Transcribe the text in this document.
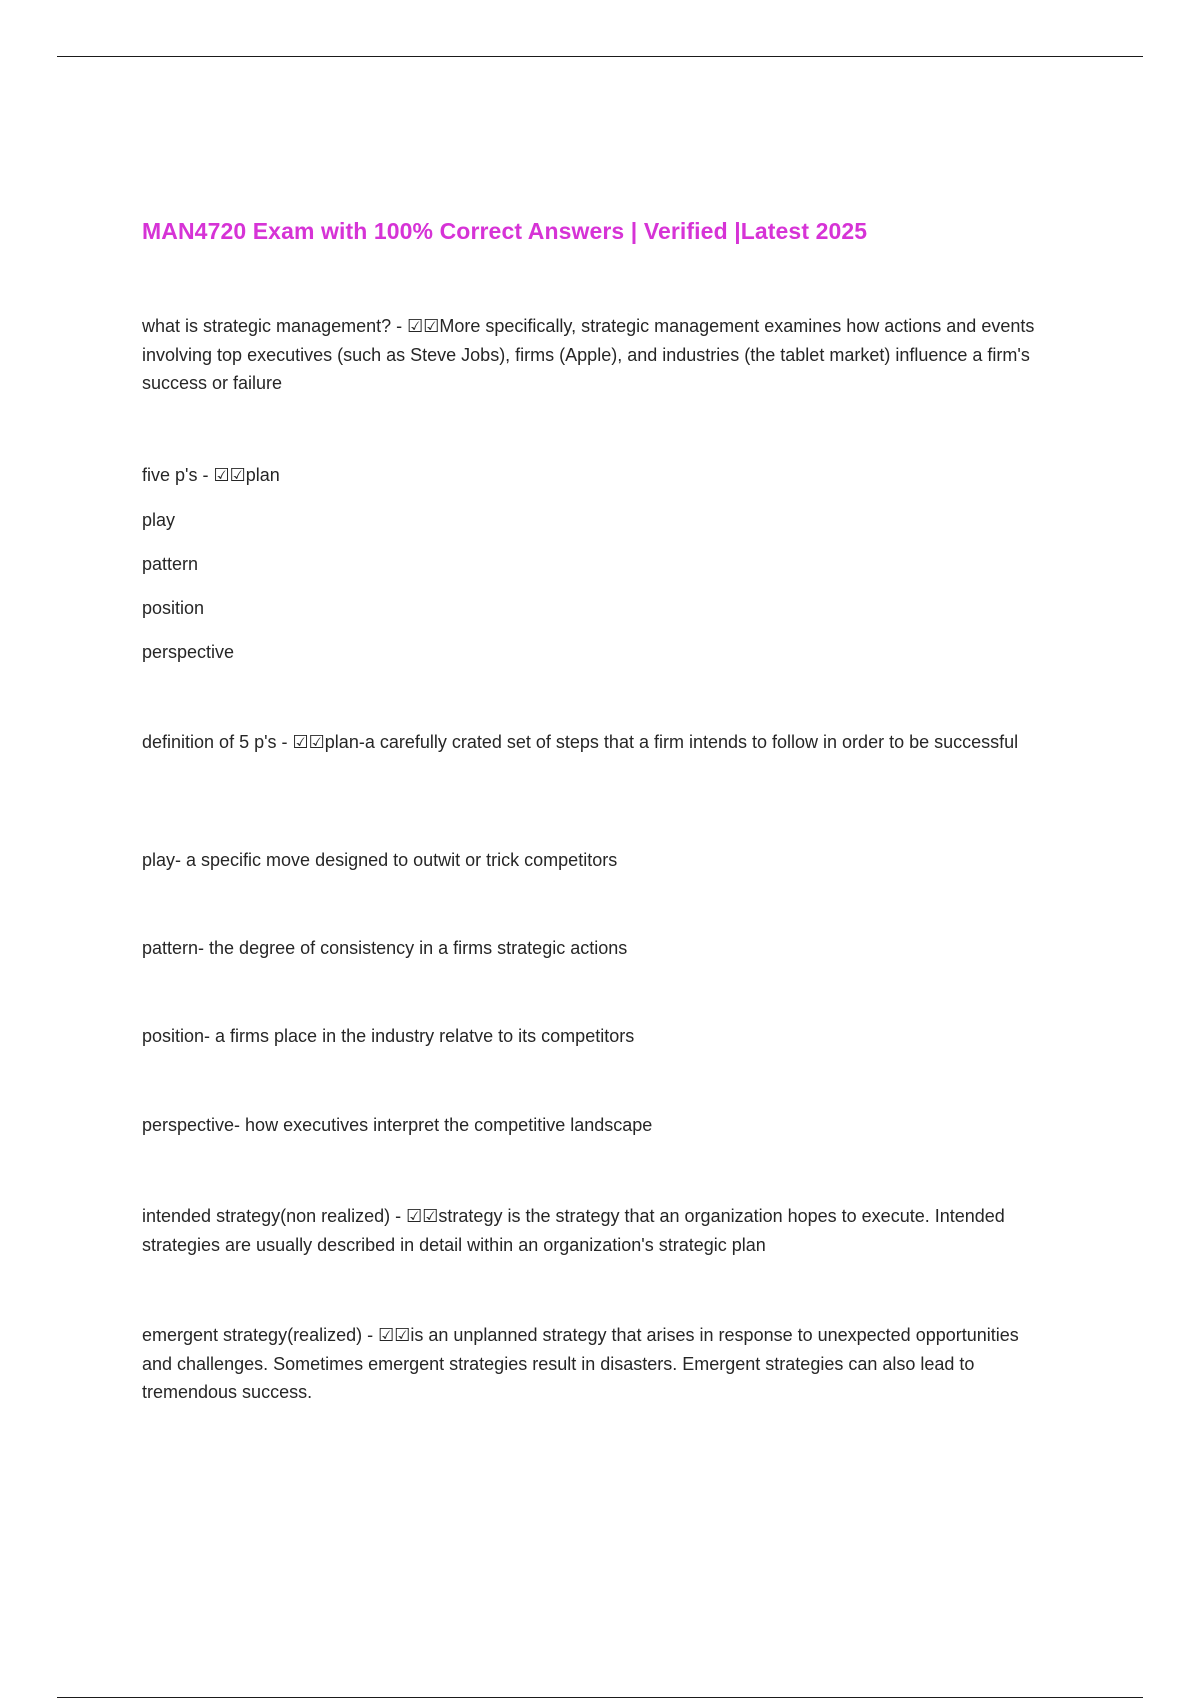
MAN4720 Exam with 100% Correct Answers | Verified |Latest 2025

what is strategic management? - ☑☑More specifically, strategic management examines how actions and events involving top executives (such as Steve Jobs), firms (Apple), and industries (the tablet market) influence a firm's success or failure

five p's - ☑☑plan

play

pattern

position

perspective

definition of 5 p's - ☑☑plan-a carefully crated set of steps that a firm intends to follow in order to be successful

play- a specific move designed to outwit or trick competitors

pattern- the degree of consistency in a firms strategic actions

position- a firms place in the industry relatve to its competitors

perspective- how executives interpret the competitive landscape

intended strategy(non realized) - ☑☑strategy is the strategy that an organization hopes to execute. Intended strategies are usually described in detail within an organization's strategic plan

emergent strategy(realized) - ☑☑is an unplanned strategy that arises in response to unexpected opportunities and challenges. Sometimes emergent strategies result in disasters. Emergent strategies can also lead to tremendous success.
